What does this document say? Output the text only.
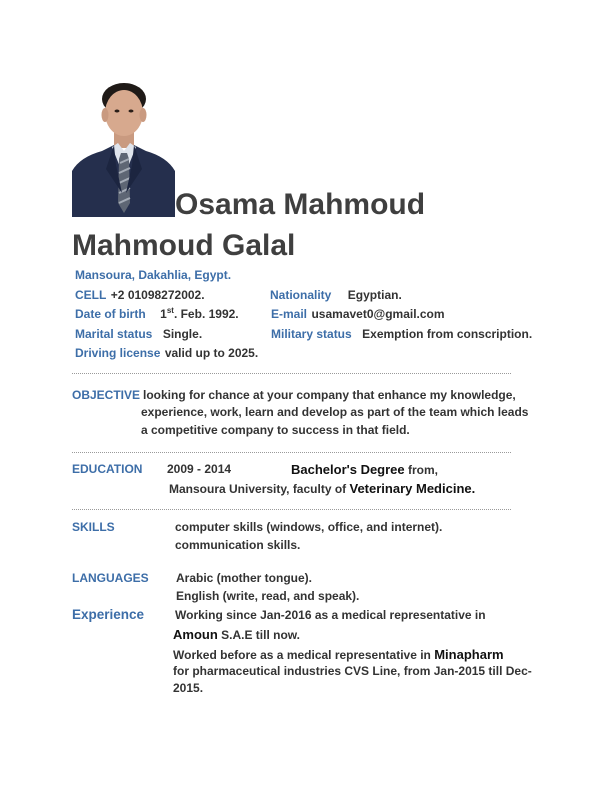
Osama Mahmoud
Mahmoud Galal
Mansoura, Dakahlia, Egypt.
CELL +2 01098272002.	Nationality Egyptian.
Date of birth 1st. Feb. 1992.	E-mail usamavet0@gmail.com
Marital status Single.	Military status Exemption from conscription.
Driving license valid up to 2025.
OBJECTIVE looking for chance at your company that enhance my knowledge,
experience, work, learn and develop as part of the team which leads
a competitive company to success in that field.
EDUCATION 2009 - 2014	Bachelor's Degree from,
Mansoura University, faculty of Veterinary Medicine.
SKILLS	computer skills (windows, office, and internet).
communication skills.
LANGUAGES Arabic (mother tongue).
English (write, read, and speak).
Experience	Working since Jan-2016 as a medical representative in
Amoun S.A.E till now.
Worked before as a medical representative in Minapharm
for pharmaceutical industries CVS Line, from Jan-2015 till Dec-
2015.
